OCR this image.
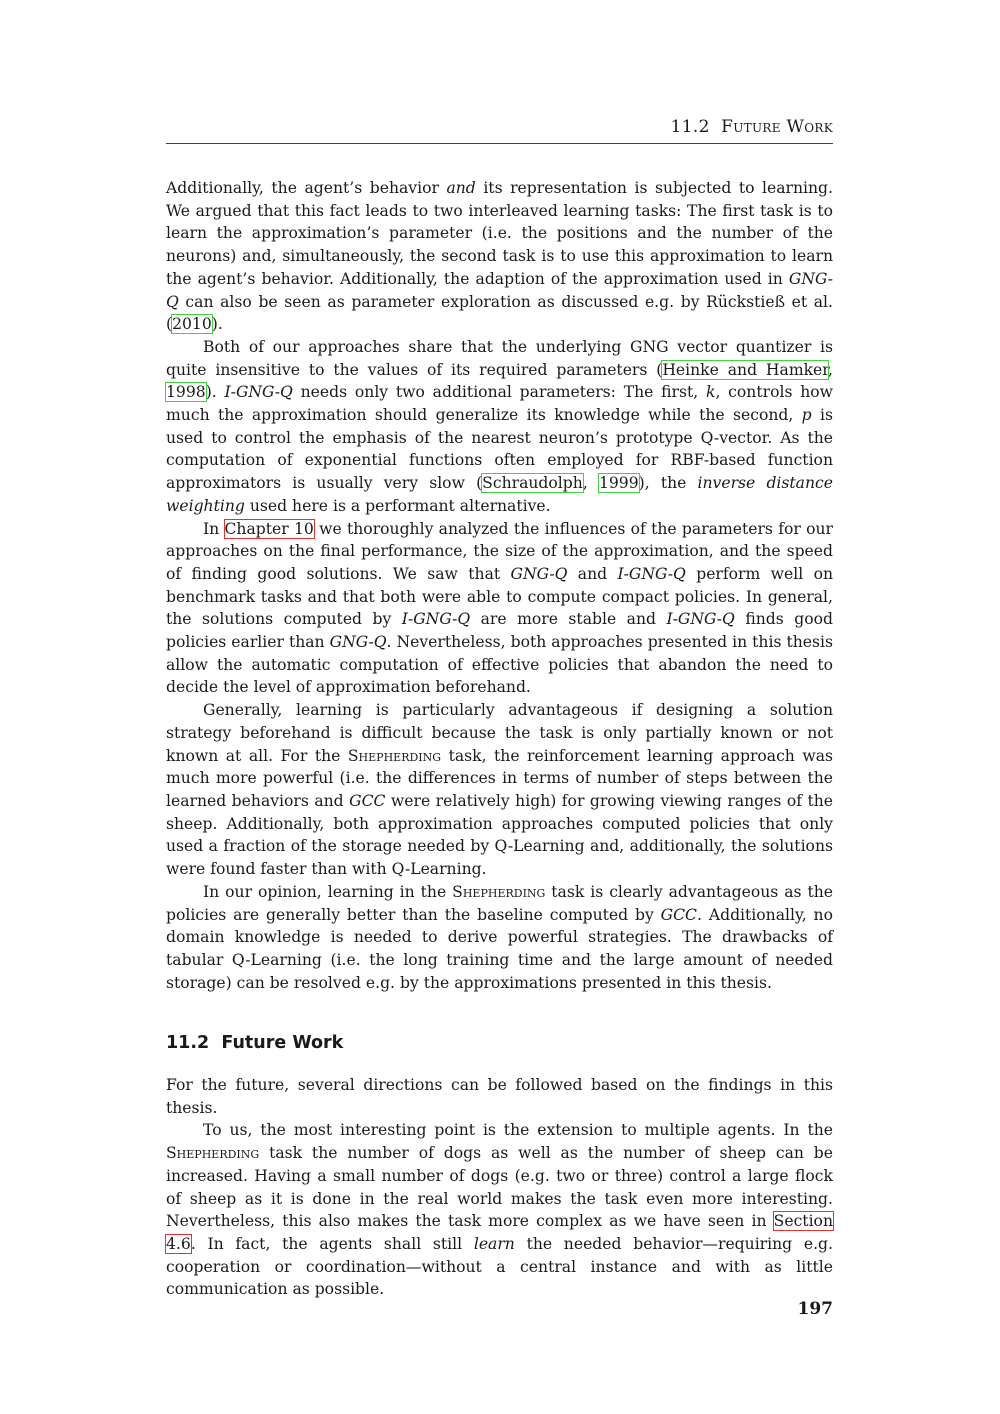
11.2 Future Work

Additionally, the agent’s behavior and its representation is subjected to learning. We argued that this fact leads to two interleaved learning tasks: The first task is to learn the approximation’s parameter (i.e. the positions and the number of the neurons) and, simultaneously, the second task is to use this approximation to learn the agent’s behavior. Additionally, the adaption of the approximation used in GNG-Q can also be seen as parameter exploration as discussed e.g. by Rückstieß et al. (2010).

Both of our approaches share that the underlying GNG vector quantizer is quite insensitive to the values of its required parameters (Heinke and Hamker, 1998). I-GNG-Q needs only two additional parameters: The first, k, controls how much the approximation should generalize its knowledge while the second, p is used to control the emphasis of the nearest neuron’s prototype Q-vector. As the computation of exponential functions often employed for RBF-based function approximators is usually very slow (Schraudolph, 1999), the inverse distance weighting used here is a performant alternative.

In Chapter 10 we thoroughly analyzed the influences of the parameters for our approaches on the final performance, the size of the approximation, and the speed of finding good solutions. We saw that GNG-Q and I-GNG-Q perform well on benchmark tasks and that both were able to compute compact policies. In general, the solutions computed by I-GNG-Q are more stable and I-GNG-Q finds good policies earlier than GNG-Q. Nevertheless, both approaches presented in this thesis allow the automatic computation of effective policies that abandon the need to decide the level of approximation beforehand.

Generally, learning is particularly advantageous if designing a solution strategy beforehand is difficult because the task is only partially known or not known at all. For the Shepherding task, the reinforcement learning approach was much more powerful (i.e. the differences in terms of number of steps between the learned behaviors and GCC were relatively high) for growing viewing ranges of the sheep. Additionally, both approximation approaches computed policies that only used a fraction of the storage needed by Q-Learning and, additionally, the solutions were found faster than with Q-Learning.

In our opinion, learning in the Shepherding task is clearly advantageous as the policies are generally better than the baseline computed by GCC. Additionally, no domain knowledge is needed to derive powerful strategies. The drawbacks of tabular Q-Learning (i.e. the long training time and the large amount of needed storage) can be resolved e.g. by the approximations presented in this thesis.

11.2 Future Work

For the future, several directions can be followed based on the findings in this thesis.

To us, the most interesting point is the extension to multiple agents. In the Shepherding task the number of dogs as well as the number of sheep can be increased. Having a small number of dogs (e.g. two or three) control a large flock of sheep as it is done in the real world makes the task even more interesting. Nevertheless, this also makes the task more complex as we have seen in Section 4.6. In fact, the agents shall still learn the needed behavior—requiring e.g. cooperation or coordination—without a central instance and with as little communication as possible.

197
